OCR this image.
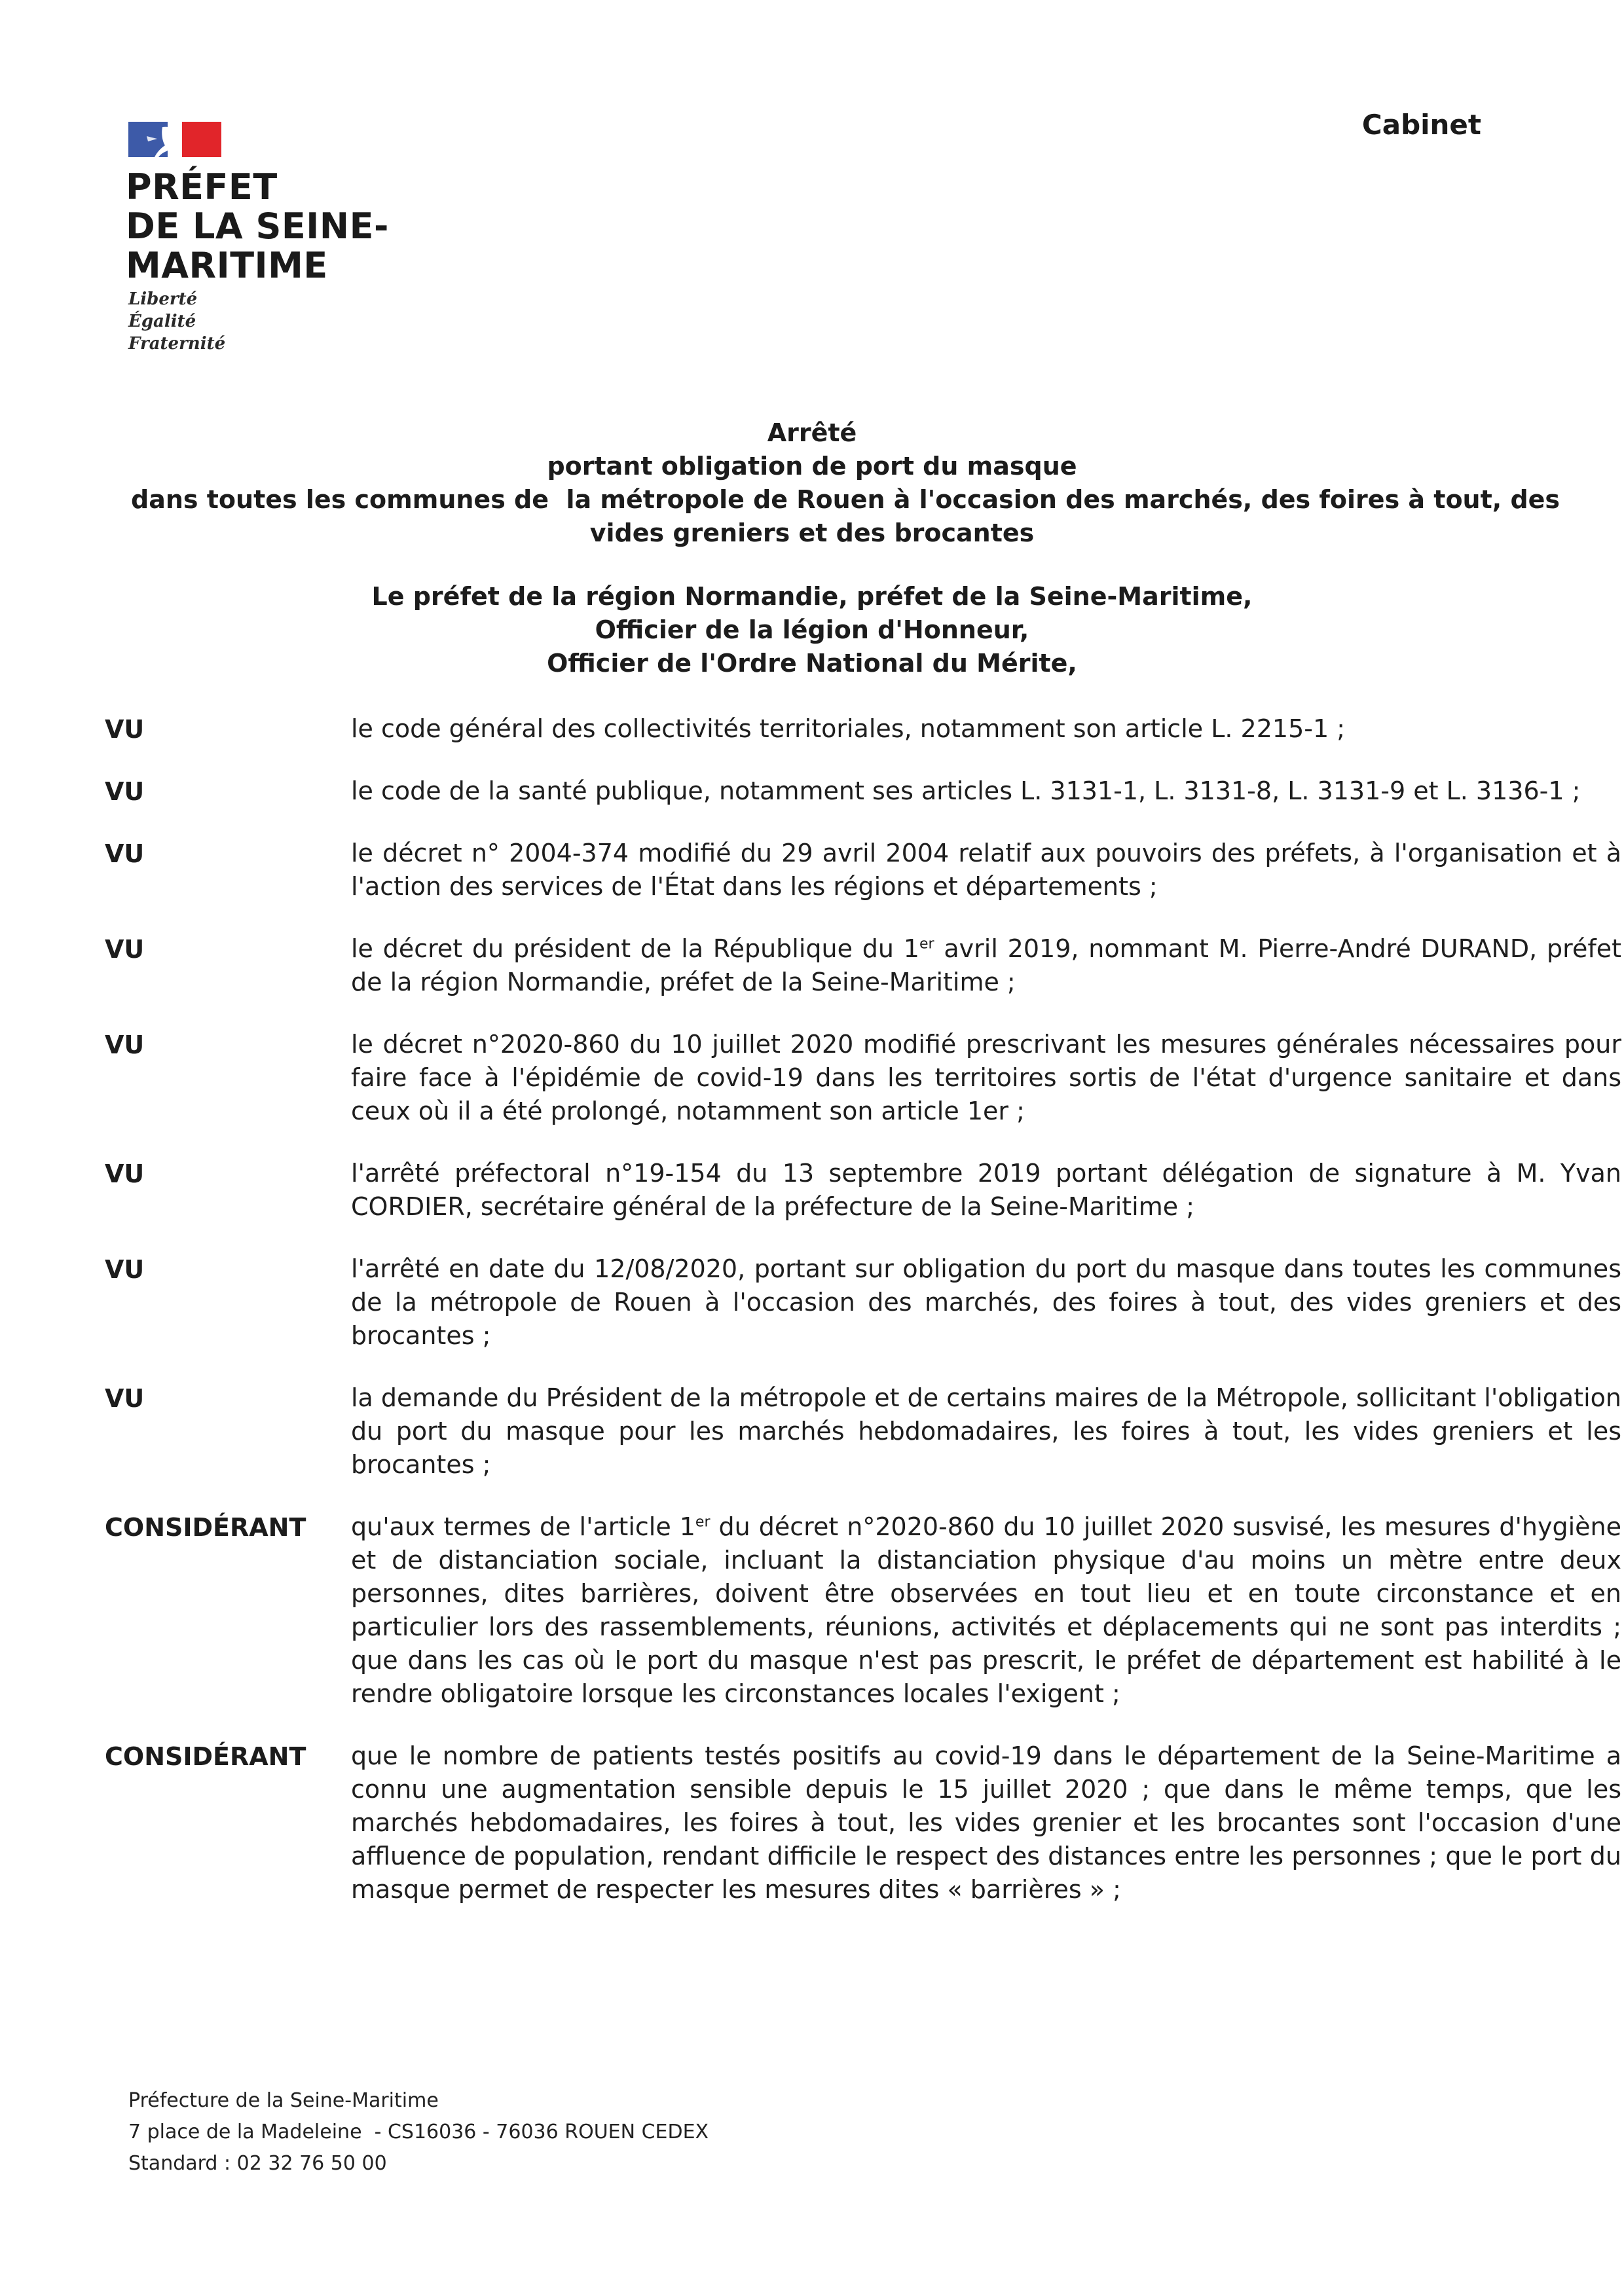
PRÉFET
DE LA SEINE-
MARITIME
Liberté
Égalité
Fraternité
Cabinet
Arrêté
portant obligation de port du masque
dans toutes les communes de  la métropole de Rouen à l'occasion des marchés, des foires à tout, des
vides greniers et des brocantes
Le préfet de la région Normandie, préfet de la Seine-Maritime,
Officier de la légion d'Honneur,
Officier de l'Ordre National du Mérite,
VU	le code général des collectivités territoriales, notamment son article L. 2215-1 ;
VU	le code de la santé publique, notamment ses articles L. 3131-1, L. 3131-8, L. 3131-9 et L. 3136-1 ;
VU	le décret n° 2004-374 modifié du 29 avril 2004 relatif aux pouvoirs des préfets, à l'organisation et à l'action des services de l'État dans les régions et départements ;
VU	le décret du président de la République du 1er avril 2019, nommant M. Pierre-André DURAND, préfet de la région Normandie, préfet de la Seine-Maritime ;
VU	le décret n°2020-860 du 10 juillet 2020 modifié prescrivant les mesures générales nécessaires pour faire face à l'épidémie de covid-19 dans les territoires sortis de l'état d'urgence sanitaire et dans ceux où il a été prolongé, notamment son article 1er ;
VU	l'arrêté préfectoral n°19-154 du 13 septembre 2019 portant délégation de signature à M. Yvan CORDIER, secrétaire général de la préfecture de la Seine-Maritime ;
VU	l'arrêté en date du 12/08/2020, portant sur obligation du port du masque dans toutes les communes de la métropole de Rouen à l'occasion des marchés, des foires à tout, des vides greniers et des brocantes ;
VU	la demande du Président de la métropole et de certains maires de la Métropole, sollicitant l'obligation du port du masque pour les marchés hebdomadaires, les foires à tout, les vides greniers et les brocantes ;
CONSIDÉRANT qu'aux termes de l'article 1er du décret n°2020-860 du 10 juillet 2020 susvisé, les mesures d'hygiène et de distanciation sociale, incluant la distanciation physique d'au moins un mètre entre deux personnes, dites barrières, doivent être observées en tout lieu et en toute circonstance et en particulier lors des rassemblements, réunions, activités et déplacements qui ne sont pas interdits ; que dans les cas où le port du masque n'est pas prescrit, le préfet de département est habilité à le rendre obligatoire lorsque les circonstances locales l'exigent ;
CONSIDÉRANT que le nombre de patients testés positifs au covid-19 dans le département de la Seine-Maritime a connu une augmentation sensible depuis le 15 juillet 2020 ; que dans le même temps, que les marchés hebdomadaires, les foires à tout, les vides grenier et les brocantes sont l'occasion d'une affluence de population, rendant difficile le respect des distances entre les personnes ; que le port du masque permet de respecter les mesures dites « barrières » ;
Préfecture de la Seine-Maritime
7 place de la Madeleine  - CS16036 - 76036 ROUEN CEDEX
Standard : 02 32 76 50 00
